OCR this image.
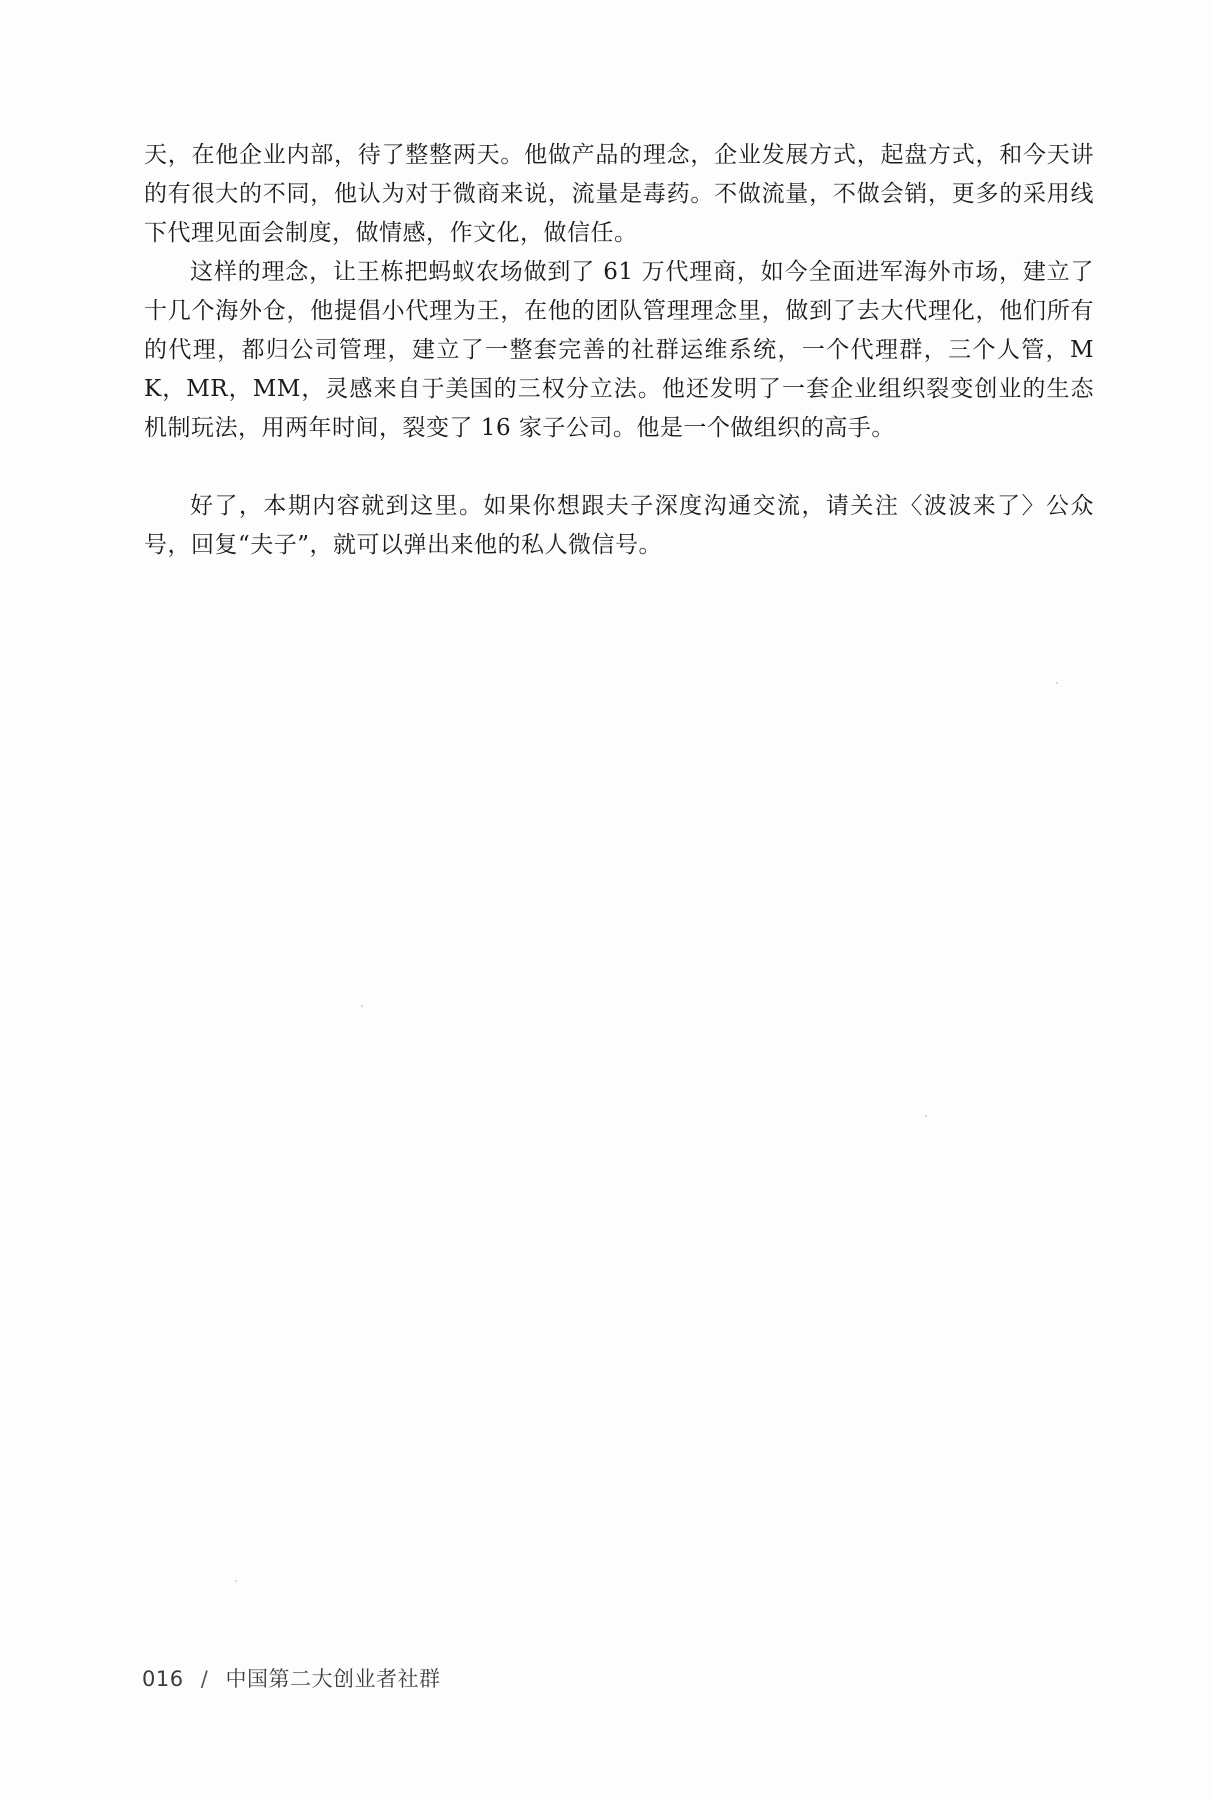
天，在他企业内部，待了整整两天。他做产品的理念，企业发展方式，起盘方式，和今天讲的有很大的不同，他认为对于微商来说，流量是毒药。不做流量，不做会销，更多的采用线下代理见面会制度，做情感，作文化，做信任。

这样的理念，让王栋把蚂蚁农场做到了 61 万代理商，如今全面进军海外市场，建立了十几个海外仓，他提倡小代理为王，在他的团队管理理念里，做到了去大代理化，他们所有的代理，都归公司管理，建立了一整套完善的社群运维系统，一个代理群，三个人管，MK，MR，MM，灵感来自于美国的三权分立法。他还发明了一套企业组织裂变创业的生态机制玩法，用两年时间，裂变了 16 家子公司。他是一个做组织的高手。

好了，本期内容就到这里。如果你想跟夫子深度沟通交流，请关注〈波波来了〉公众号，回复“夫子”，就可以弹出来他的私人微信号。

016 / 中国第二大创业者社群
